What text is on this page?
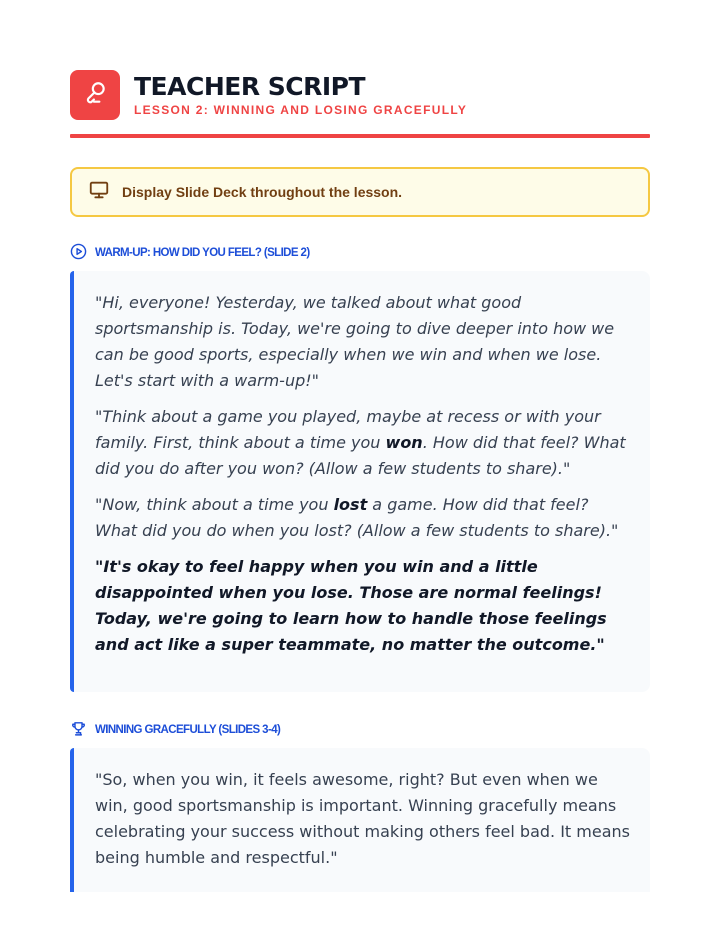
TEACHER SCRIPT
LESSON 2: WINNING AND LOSING GRACEFULLY
Display Slide Deck throughout the lesson.
WARM-UP: HOW DID YOU FEEL? (SLIDE 2)

"Hi, everyone! Yesterday, we talked about what good sportsmanship is. Today, we're going to dive deeper into how we can be good sports, especially when we win and when we lose. Let's start with a warm-up!"

"Think about a game you played, maybe at recess or with your family. First, think about a time you won. How did that feel? What did you do after you won? (Allow a few students to share)."

"Now, think about a time you lost a game. How did that feel? What did you do when you lost? (Allow a few students to share)."

"It's okay to feel happy when you win and a little disappointed when you lose. Those are normal feelings! Today, we're going to learn how to handle those feelings and act like a super teammate, no matter the outcome."

WINNING GRACEFULLY (SLIDES 3-4)

"So, when you win, it feels awesome, right? But even when we win, good sportsmanship is important. Winning gracefully means celebrating your success without making others feel bad. It means being humble and respectful."
